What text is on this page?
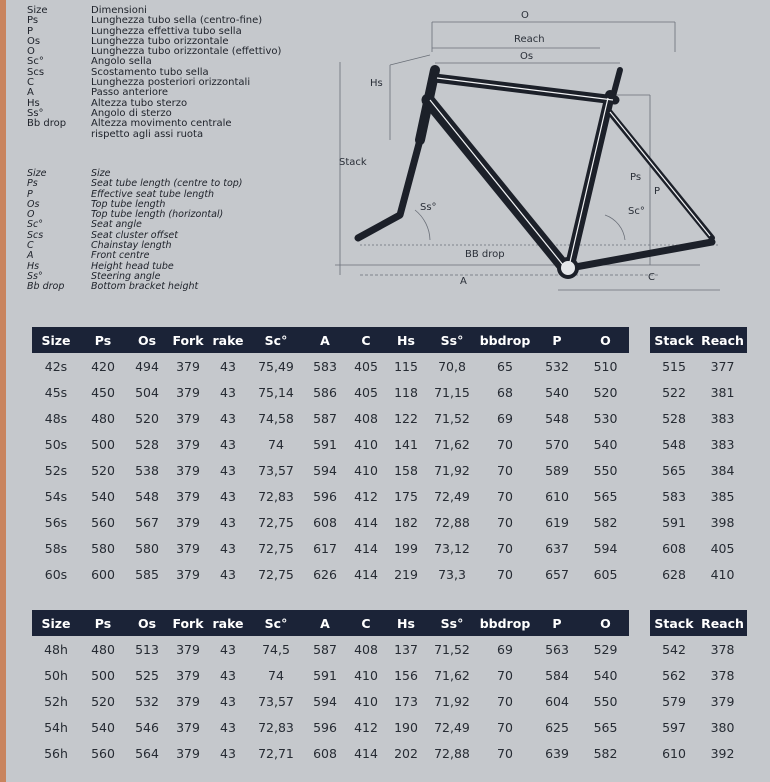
Size	Dimensioni
Ps	Lunghezza tubo sella (centro-fine)
P	Lunghezza effettiva tubo sella
Os	Lunghezza tubo orizzontale
O	Lunghezza tubo orizzontale (effettivo)
Sc°	Angolo sella
Scs	Scostamento tubo sella
C	Lunghezza posteriori orizzontali
A	Passo anteriore
Hs	Altezza tubo sterzo
Ss°	Angolo di sterzo
Bb drop	Altezza movimento centrale
rispetto agli assi ruota
Size	Size
Ps	Seat tube length (centre to top)
P	Effective seat tube length
Os	Top tube length
O	Top tube length (horizontal)
Sc°	Seat angle
Scs	Seat cluster offset
C	Chainstay length
A	Front centre
Hs	Height head tube
Ss°	Steering angle
Bb drop	Bottom bracket height
O
Reach
Os
Hs
Stack
Ps
P
Sc°
Ss°
BB drop
C
A
Size	Ps	Os	Fork	rake	Sc°	A	C	Hs	Ss°	bbdrop	P	O
42s	420	494	379	43	75,49	583	405	115	70,8	65	532	510
45s	450	504	379	43	75,14	586	405	118	71,15	68	540	520
48s	480	520	379	43	74,58	587	408	122	71,52	69	548	530
50s	500	528	379	43	74	591	410	141	71,62	70	570	540
52s	520	538	379	43	73,57	594	410	158	71,92	70	589	550
54s	540	548	379	43	72,83	596	412	175	72,49	70	610	565
56s	560	567	379	43	72,75	608	414	182	72,88	70	619	582
58s	580	580	379	43	72,75	617	414	199	73,12	70	637	594
60s	600	585	379	43	72,75	626	414	219	73,3	70	657	605
Stack	Reach
515	377
522	381
528	383
548	383
565	384
583	385
591	398
608	405
628	410
Size	Ps	Os	Fork	rake	Sc°	A	C	Hs	Ss°	bbdrop	P	O
48h	480	513	379	43	74,5	587	408	137	71,52	69	563	529
50h	500	525	379	43	74	591	410	156	71,62	70	584	540
52h	520	532	379	43	73,57	594	410	173	71,92	70	604	550
54h	540	546	379	43	72,83	596	412	190	72,49	70	625	565
56h	560	564	379	43	72,71	608	414	202	72,88	70	639	582
Stack	Reach
542	378
562	378
579	379
597	380
610	392
